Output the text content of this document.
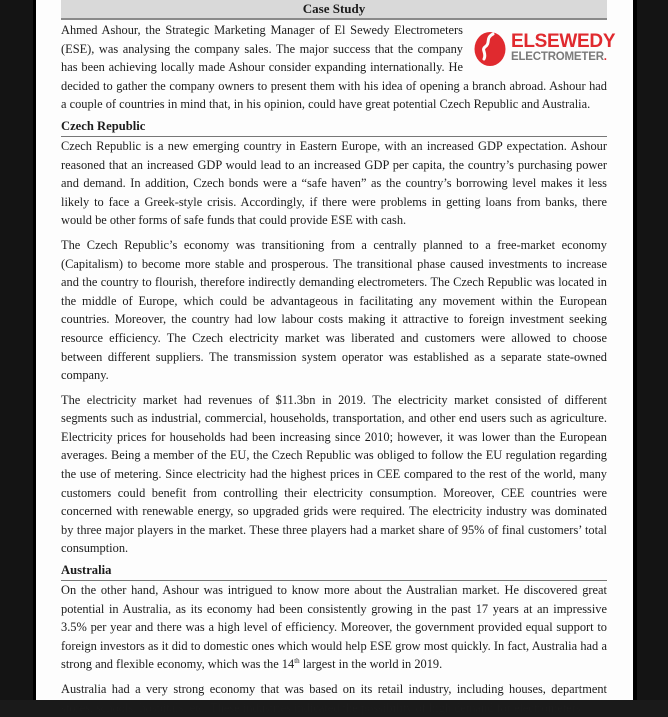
Case Study
ELSEWEDY
ELECTROMETER.

Ahmed Ashour, the Strategic Marketing Manager of El Sewedy Electrometers (ESE), was analysing the company sales. The major success that the company has been achieving locally made Ashour consider expanding internationally. He decided to gather the company owners to present them with his idea of opening a branch abroad. Ashour had a couple of countries in mind that, in his opinion, could have great potential Czech Republic and Australia.

Czech Republic

Czech Republic is a new emerging country in Eastern Europe, with an increased GDP expectation. Ashour reasoned that an increased GDP would lead to an increased GDP per capita, the country’s purchasing power and demand. In addition, Czech bonds were a “safe haven” as the country’s borrowing level makes it less likely to face a Greek-style crisis. Accordingly, if there were problems in getting loans from banks, there would be other forms of safe funds that could provide ESE with cash.

The Czech Republic’s economy was transitioning from a centrally planned to a free-market economy (Capitalism) to become more stable and prosperous. The transitional phase caused investments to increase and the country to flourish, therefore indirectly demanding electrometers. The Czech Republic was located in the middle of Europe, which could be advantageous in facilitating any movement within the European countries. Moreover, the country had low labour costs making it attractive to foreign investment seeking resource efficiency. The Czech electricity market was liberated and customers were allowed to choose between different suppliers. The transmission system operator was established as a separate state-owned company.

The electricity market had revenues of $11.3bn in 2019. The electricity market consisted of different segments such as industrial, commercial, households, transportation, and other end users such as agriculture. Electricity prices for households had been increasing since 2010; however, it was lower than the European averages. Being a member of the EU, the Czech Republic was obliged to follow the EU regulation regarding the use of metering. Since electricity had the highest prices in CEE compared to the rest of the world, many customers could benefit from controlling their electricity consumption. Moreover, CEE countries were concerned with renewable energy, so upgraded grids were required. The electricity industry was dominated by three major players in the market. These three players had a market share of 95% of final customers’ total consumption.

Australia

On the other hand, Ashour was intrigued to know more about the Australian market. He discovered great potential in Australia, as its economy had been consistently growing in the past 17 years at an impressive 3.5% per year and there was a high level of efficiency. Moreover, the government provided equal support to foreign investors as it did to domestic ones which would help ESE grow most quickly. In fact, Australia had a strong and flexible economy, which was the 14th largest in the world in 2019.

Australia had a very strong economy that was based on its retail industry, including houses, department stores, schools, hospitals, etc. These industries indicated the possibility of high demand for electrometers
